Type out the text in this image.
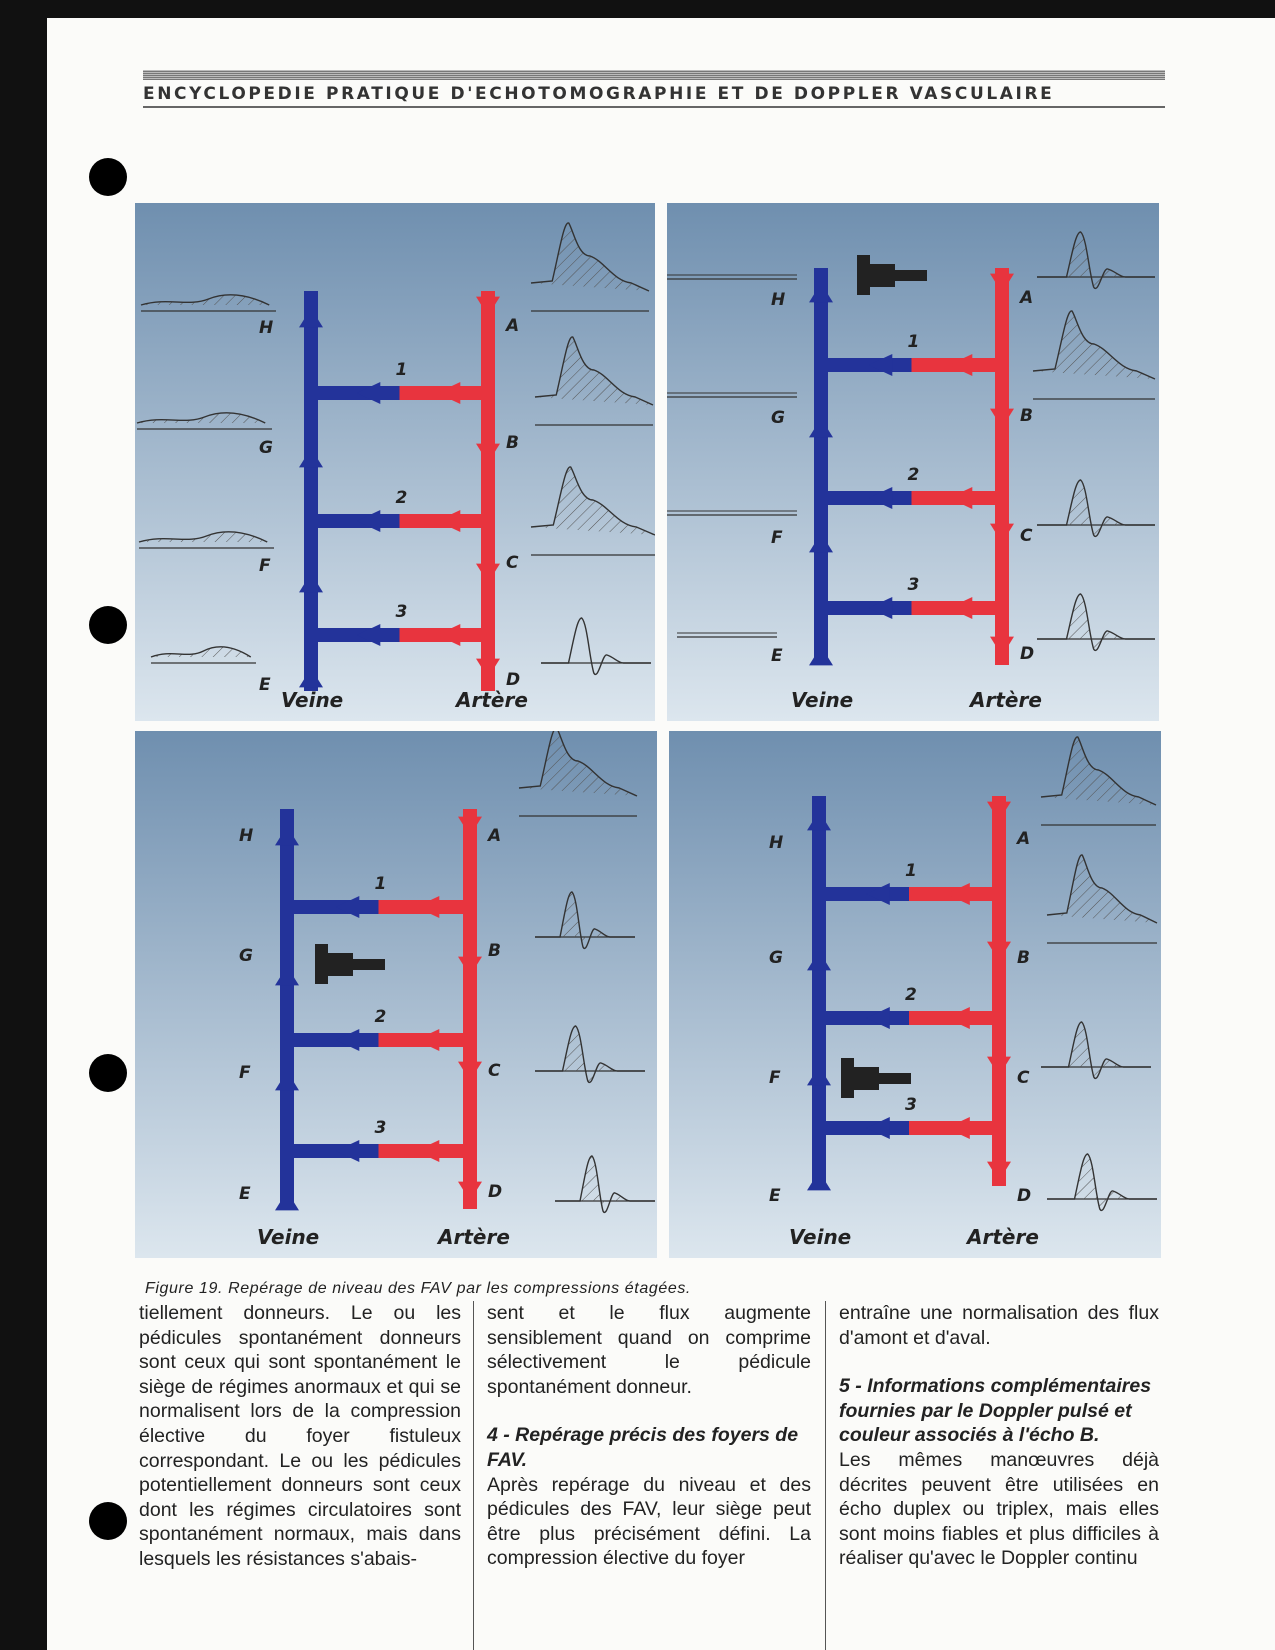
ENCYCLOPEDIE PRATIQUE D'ECHOTOMOGRAPHIE ET DE DOPPLER VASCULAIRE
1
2
3
H
G
F
E
A
B
C
D
Veine	Artère
1
2
3
H
G
F
E
A
B
C
D
Veine	Artère
1
2
3
H
G
F
E
A
B
C
D
Veine	Artère
1
2
3
H
G
F
E
A
B
C
D
Veine	Artère
Figure 19. Repérage de niveau des FAV par les compressions étagées.

tiellement donneurs. Le ou les pédicules spontanément donneurs sont ceux qui sont spontanément le siège de régimes anormaux et qui se normalisent lors de la compression élective du foyer fistuleux correspondant. Le ou les pédicules potentiellement donneurs sont ceux dont les régimes circulatoires sont spontanément normaux, mais dans lesquels les résistances s'abais-

sent et le flux augmente sensiblement quand on comprime sélectivement le pédicule spontanément donneur.

4 - Repérage précis des foyers de FAV.

Après repérage du niveau et des pédicules des FAV, leur siège peut être plus précisément défini. La compression élective du foyer

entraîne une normalisation des flux d'amont et d'aval.

5 - Informations complémentaires fournies par le Doppler pulsé et couleur associés à l'écho B.

Les mêmes manœuvres déjà décrites peuvent être utilisées en écho duplex ou triplex, mais elles sont moins fiables et plus difficiles à réaliser qu'avec le Doppler continu
